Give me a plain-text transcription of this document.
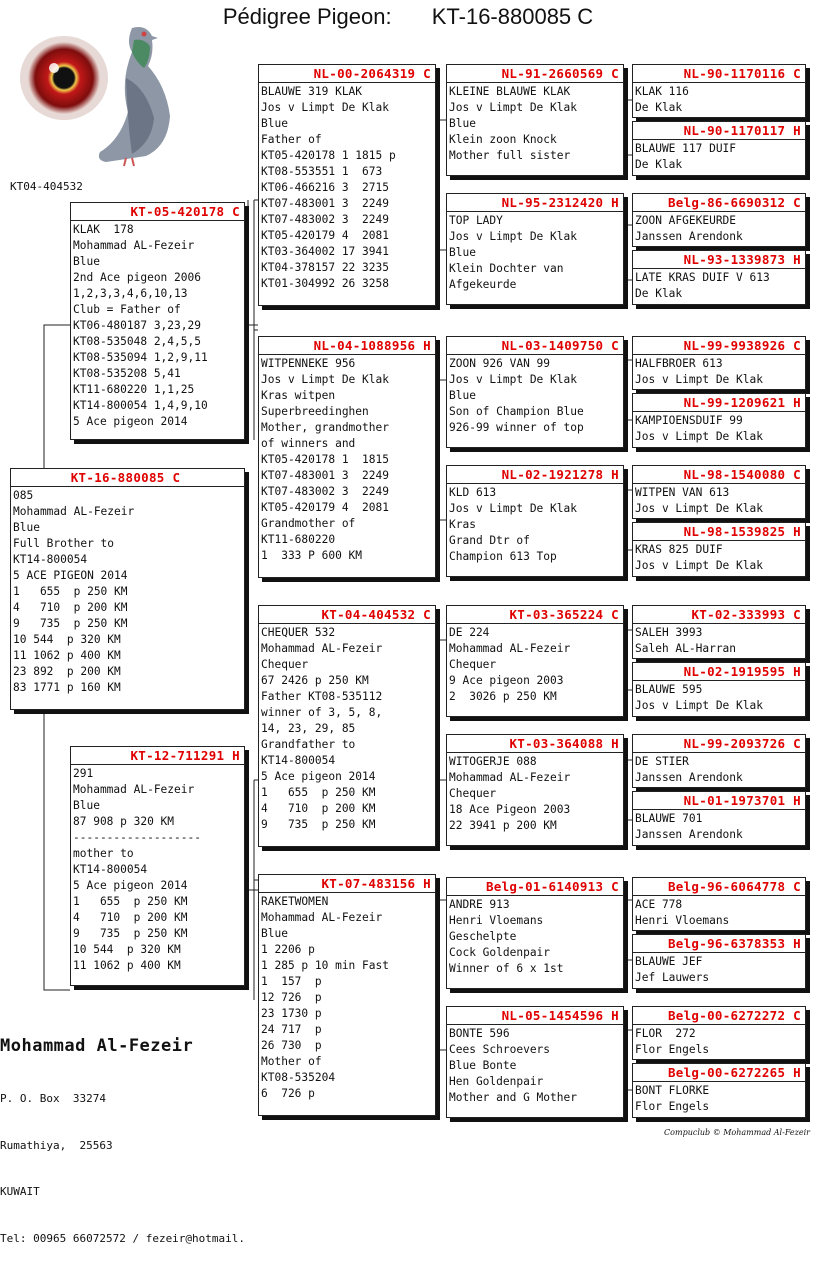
Pédigree Pigeon: KT-16-880085 C
KT04-404532
KT-16-880085 C
085
Mohammad AL-Fezeir
Blue
Full Brother to
KT14-800054
5 ACE PIGEON 2014
1   655  p 250 KM
4   710  p 200 KM
9   735  p 250 KM
10 544  p 320 KM
11 1062 p 400 KM
23 892  p 200 KM
83 1771 p 160 KM
KT-05-420178 C
KLAK  178
Mohammad AL-Fezeir
Blue
2nd Ace pigeon 2006
1,2,3,3,4,6,10,13
Club = Father of
KT06-480187 3,23,29
KT08-535048 2,4,5,5
KT08-535094 1,2,9,11
KT08-535208 5,41
KT11-680220 1,1,25
KT14-800054 1,4,9,10
5 Ace pigeon 2014
KT-12-711291 H
291
Mohammad AL-Fezeir
Blue
87 908 p 320 KM
-------------------
mother to
KT14-800054
5 Ace pigeon 2014
1   655  p 250 KM
4   710  p 200 KM
9   735  p 250 KM
10 544  p 320 KM
11 1062 p 400 KM
NL-00-2064319 C
BLAUWE 319 KLAK
Jos v Limpt De Klak
Blue
Father of
KT05-420178 1 1815 p
KT08-553551 1  673
KT06-466216 3  2715
KT07-483001 3  2249
KT07-483002 3  2249
KT05-420179 4  2081
KT03-364002 17 3941
KT04-378157 22 3235
KT01-304992 26 3258
NL-04-1088956 H
WITPENNEKE 956
Jos v Limpt De Klak
Kras witpen
Superbreedinghen
Mother, grandmother
of winners and
KT05-420178 1  1815
KT07-483001 3  2249
KT07-483002 3  2249
KT05-420179 4  2081
Grandmother of
KT11-680220
1  333 P 600 KM
KT-04-404532 C
CHEQUER 532
Mohammad AL-Fezeir
Chequer
67 2426 p 250 KM
Father KT08-535112
winner of 3, 5, 8,
14, 23, 29, 85
Grandfather to
KT14-800054
5 Ace pigeon 2014
1   655  p 250 KM
4   710  p 200 KM
9   735  p 250 KM
KT-07-483156 H
RAKETWOMEN
Mohammad AL-Fezeir
Blue
1 2206 p
1 285 p 10 min Fast
1  157  p
12 726  p
23 1730 p
24 717  p
26 730  p
Mother of
KT08-535204
6  726 p
NL-91-2660569 C
KLEINE BLAUWE KLAK
Jos v Limpt De Klak
Blue
Klein zoon Knock
Mother full sister
NL-95-2312420 H
TOP LADY
Jos v Limpt De Klak
Blue
Klein Dochter van
Afgekeurde
NL-03-1409750 C
ZOON 926 VAN 99
Jos v Limpt De Klak
Blue
Son of Champion Blue
926-99 winner of top
NL-02-1921278 H
KLD 613
Jos v Limpt De Klak
Kras
Grand Dtr of
Champion 613 Top
KT-03-365224 C
DE 224
Mohammad AL-Fezeir
Chequer
9 Ace pigeon 2003
2  3026 p 250 KM
KT-03-364088 H
WITOGERJE 088
Mohammad AL-Fezeir
Chequer
18 Ace Pigeon 2003
22 3941 p 200 KM
Belg-01-6140913 C
ANDRE 913
Henri Vloemans
Geschelpte
Cock Goldenpair
Winner of 6 x 1st
NL-05-1454596 H
BONTE 596
Cees Schroevers
Blue Bonte
Hen Goldenpair
Mother and G Mother
NL-90-1170116 C
KLAK 116
De Klak
NL-90-1170117 H
BLAUWE 117 DUIF
De Klak
Belg-86-6690312 C
ZOON AFGEKEURDE
Janssen Arendonk
NL-93-1339873 H
LATE KRAS DUIF V 613
De Klak
NL-99-9938926 C
HALFBROER 613
Jos v Limpt De Klak
NL-99-1209621 H
KAMPIOENSDUIF 99
Jos v Limpt De Klak
NL-98-1540080 C
WITPEN VAN 613
Jos v Limpt De Klak
NL-98-1539825 H
KRAS 825 DUIF
Jos v Limpt De Klak
KT-02-333993 C
SALEH 3993
Saleh AL-Harran
NL-02-1919595 H
BLAUWE 595
Jos v Limpt De Klak
NL-99-2093726 C
DE STIER
Janssen Arendonk
NL-01-1973701 H
BLAUWE 701
Janssen Arendonk
Belg-96-6064778 C
ACE 778
Henri Vloemans
Belg-96-6378353 H
BLAUWE JEF
Jef Lauwers
Belg-00-6272272 C
FLOR  272
Flor Engels
Belg-00-6272265 H
BONT FLORKE
Flor Engels
Mohammad Al-Fezeir

P. O. Box  33274

Rumathiya,  25563

KUWAIT

Tel: 00965 66072572 / fezeir@hotmail.

Compuclub © Mohammad Al-Fezeir
